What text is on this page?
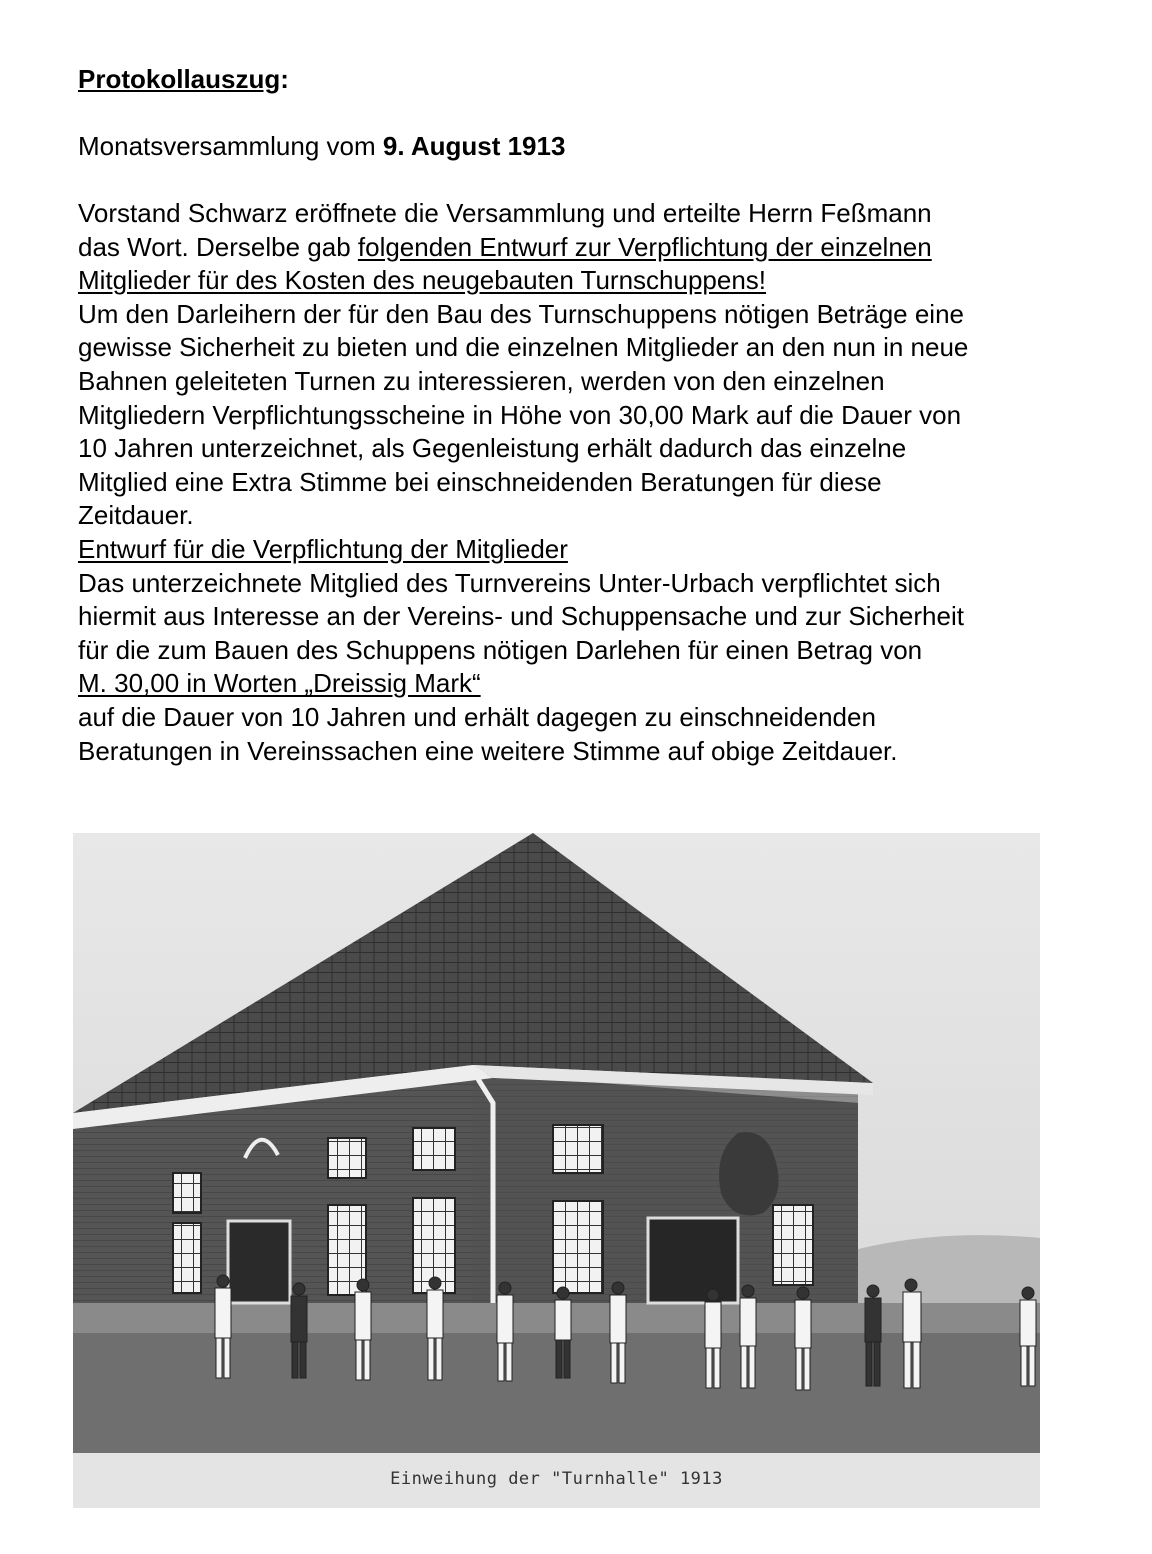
Protokollauszug:
Monatsversammlung vom 9. August 1913
Vorstand Schwarz eröffnete die Versammlung und erteilte Herrn Feßmann
das Wort. Derselbe gab folgenden Entwurf zur Verpflichtung der einzelnen
Mitglieder für des Kosten des neugebauten Turnschuppens!
Um den Darleihern der für den Bau des Turnschuppens nötigen Beträge eine
gewisse Sicherheit zu bieten und die einzelnen Mitglieder an den nun in neue
Bahnen geleiteten Turnen zu interessieren, werden von den einzelnen
Mitgliedern Verpflichtungsscheine in Höhe von 30,00 Mark auf die Dauer von
10 Jahren unterzeichnet, als Gegenleistung erhält dadurch das einzelne
Mitglied eine Extra Stimme bei einschneidenden Beratungen für diese
Zeitdauer.
Entwurf für die Verpflichtung der Mitglieder
Das unterzeichnete Mitglied des Turnvereins Unter-Urbach verpflichtet sich
hiermit aus Interesse an der Vereins- und Schuppensache und zur Sicherheit
für die zum Bauen des Schuppens nötigen Darlehen für einen Betrag von
M. 30,00 in Worten „Dreissig Mark“
auf die Dauer von 10 Jahren und erhält dagegen zu einschneidenden
Beratungen in Vereinssachen eine weitere Stimme auf obige Zeitdauer.
Einweihung der "Turnhalle" 1913
